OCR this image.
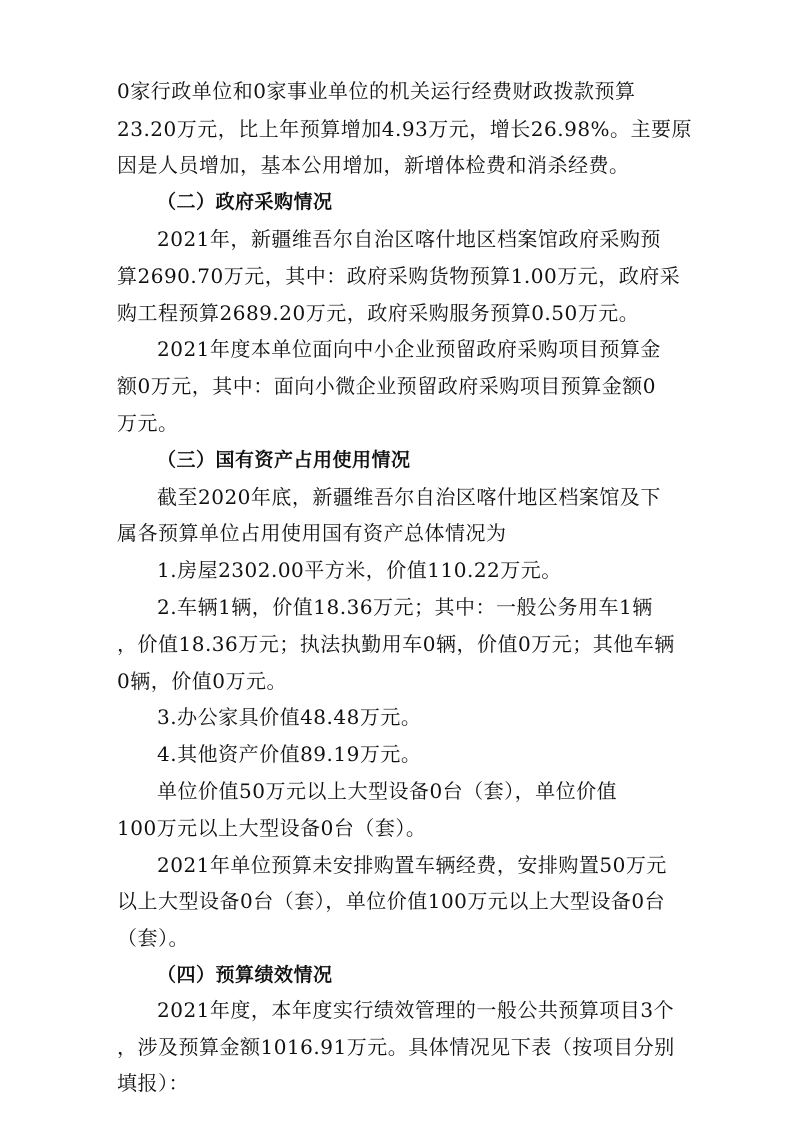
0家行政单位和0家事业单位的机关运行经费财政拨款预算
23.20万元，比上年预算增加4.93万元，增长26.98%。主要原
因是人员增加，基本公用增加，新增体检费和消杀经费。
（二）政府采购情况
2021年，新疆维吾尔自治区喀什地区档案馆政府采购预
算2690.70万元，其中：政府采购货物预算1.00万元，政府采
购工程预算2689.20万元，政府采购服务预算0.50万元。
2021年度本单位面向中小企业预留政府采购项目预算金
额0万元，其中：面向小微企业预留政府采购项目预算金额0
万元。
（三）国有资产占用使用情况
截至2020年底，新疆维吾尔自治区喀什地区档案馆及下
属各预算单位占用使用国有资产总体情况为
1.房屋2302.00平方米，价值110.22万元。
2.车辆1辆，价值18.36万元；其中：一般公务用车1辆
，价值18.36万元；执法执勤用车0辆，价值0万元；其他车辆
0辆，价值0万元。
3.办公家具价值48.48万元。
4.其他资产价值89.19万元。
单位价值50万元以上大型设备0台（套），单位价值
100万元以上大型设备0台（套）。
2021年单位预算未安排购置车辆经费，安排购置50万元
以上大型设备0台（套），单位价值100万元以上大型设备0台
（套）。
（四）预算绩效情况
2021年度，本年度实行绩效管理的一般公共预算项目3个
，涉及预算金额1016.91万元。具体情况见下表（按项目分别
填报）：
